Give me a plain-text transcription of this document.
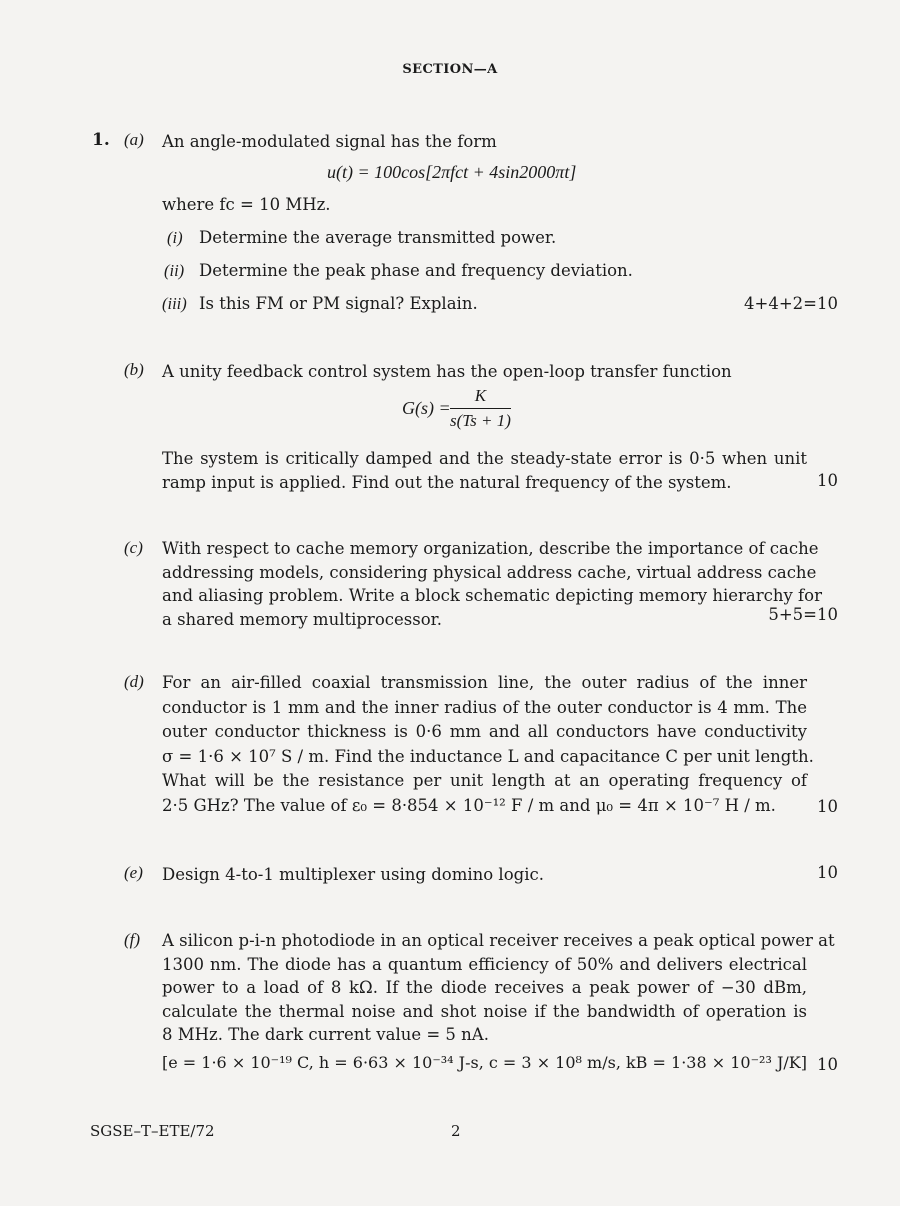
SECTION—A
1. (a) An angle-modulated signal has the form
u(t) = 100cos[2πfct + 4sin2000πt]
where fc = 10 MHz.
(i) Determine the average transmitted power.
(ii) Determine the peak phase and frequency deviation.
(iii) Is this FM or PM signal? Explain.	4+4+2=10
(b) A unity feedback control system has the open-loop transfer function
$G(s) = \frac{K}{s(Ts + 1)}$
The system is critically damped and the steady-state error is 0·5 when unit
ramp input is applied. Find out the natural frequency of the system.	10
(c) With respect to cache memory organization, describe the importance of cache
addressing models, considering physical address cache, virtual address cache
and aliasing problem. Write a block schematic depicting memory hierarchy for
a shared memory multiprocessor.	5+5=10
(d) For an air-filled coaxial transmission line, the outer radius of the inner
conductor is 1 mm and the inner radius of the outer conductor is 4 mm. The
outer conductor thickness is 0·6 mm and all conductors have conductivity
σ = 1·6 × 10⁷ S / m. Find the inductance L and capacitance C per unit length.
What will be the resistance per unit length at an operating frequency of
2·5 GHz? The value of ε₀ = 8·854 × 10⁻¹² F / m and μ₀ = 4π × 10⁻⁷ H / m.	10
(e) Design 4-to-1 multiplexer using domino logic.	10
(f) A silicon p-i-n photodiode in an optical receiver receives a peak optical power at
1300 nm. The diode has a quantum efficiency of 50% and delivers electrical
power to a load of 8 kΩ. If the diode receives a peak power of −30 dBm,
calculate the thermal noise and shot noise if the bandwidth of operation is
8 MHz. The dark current value = 5 nA.
[e = 1·6 × 10⁻¹⁹ C, h = 6·63 × 10⁻³⁴ J-s, c = 3 × 10⁸ m/s, kB = 1·38 × 10⁻²³ J/K] 10
SGSE–T–ETE/72	2
